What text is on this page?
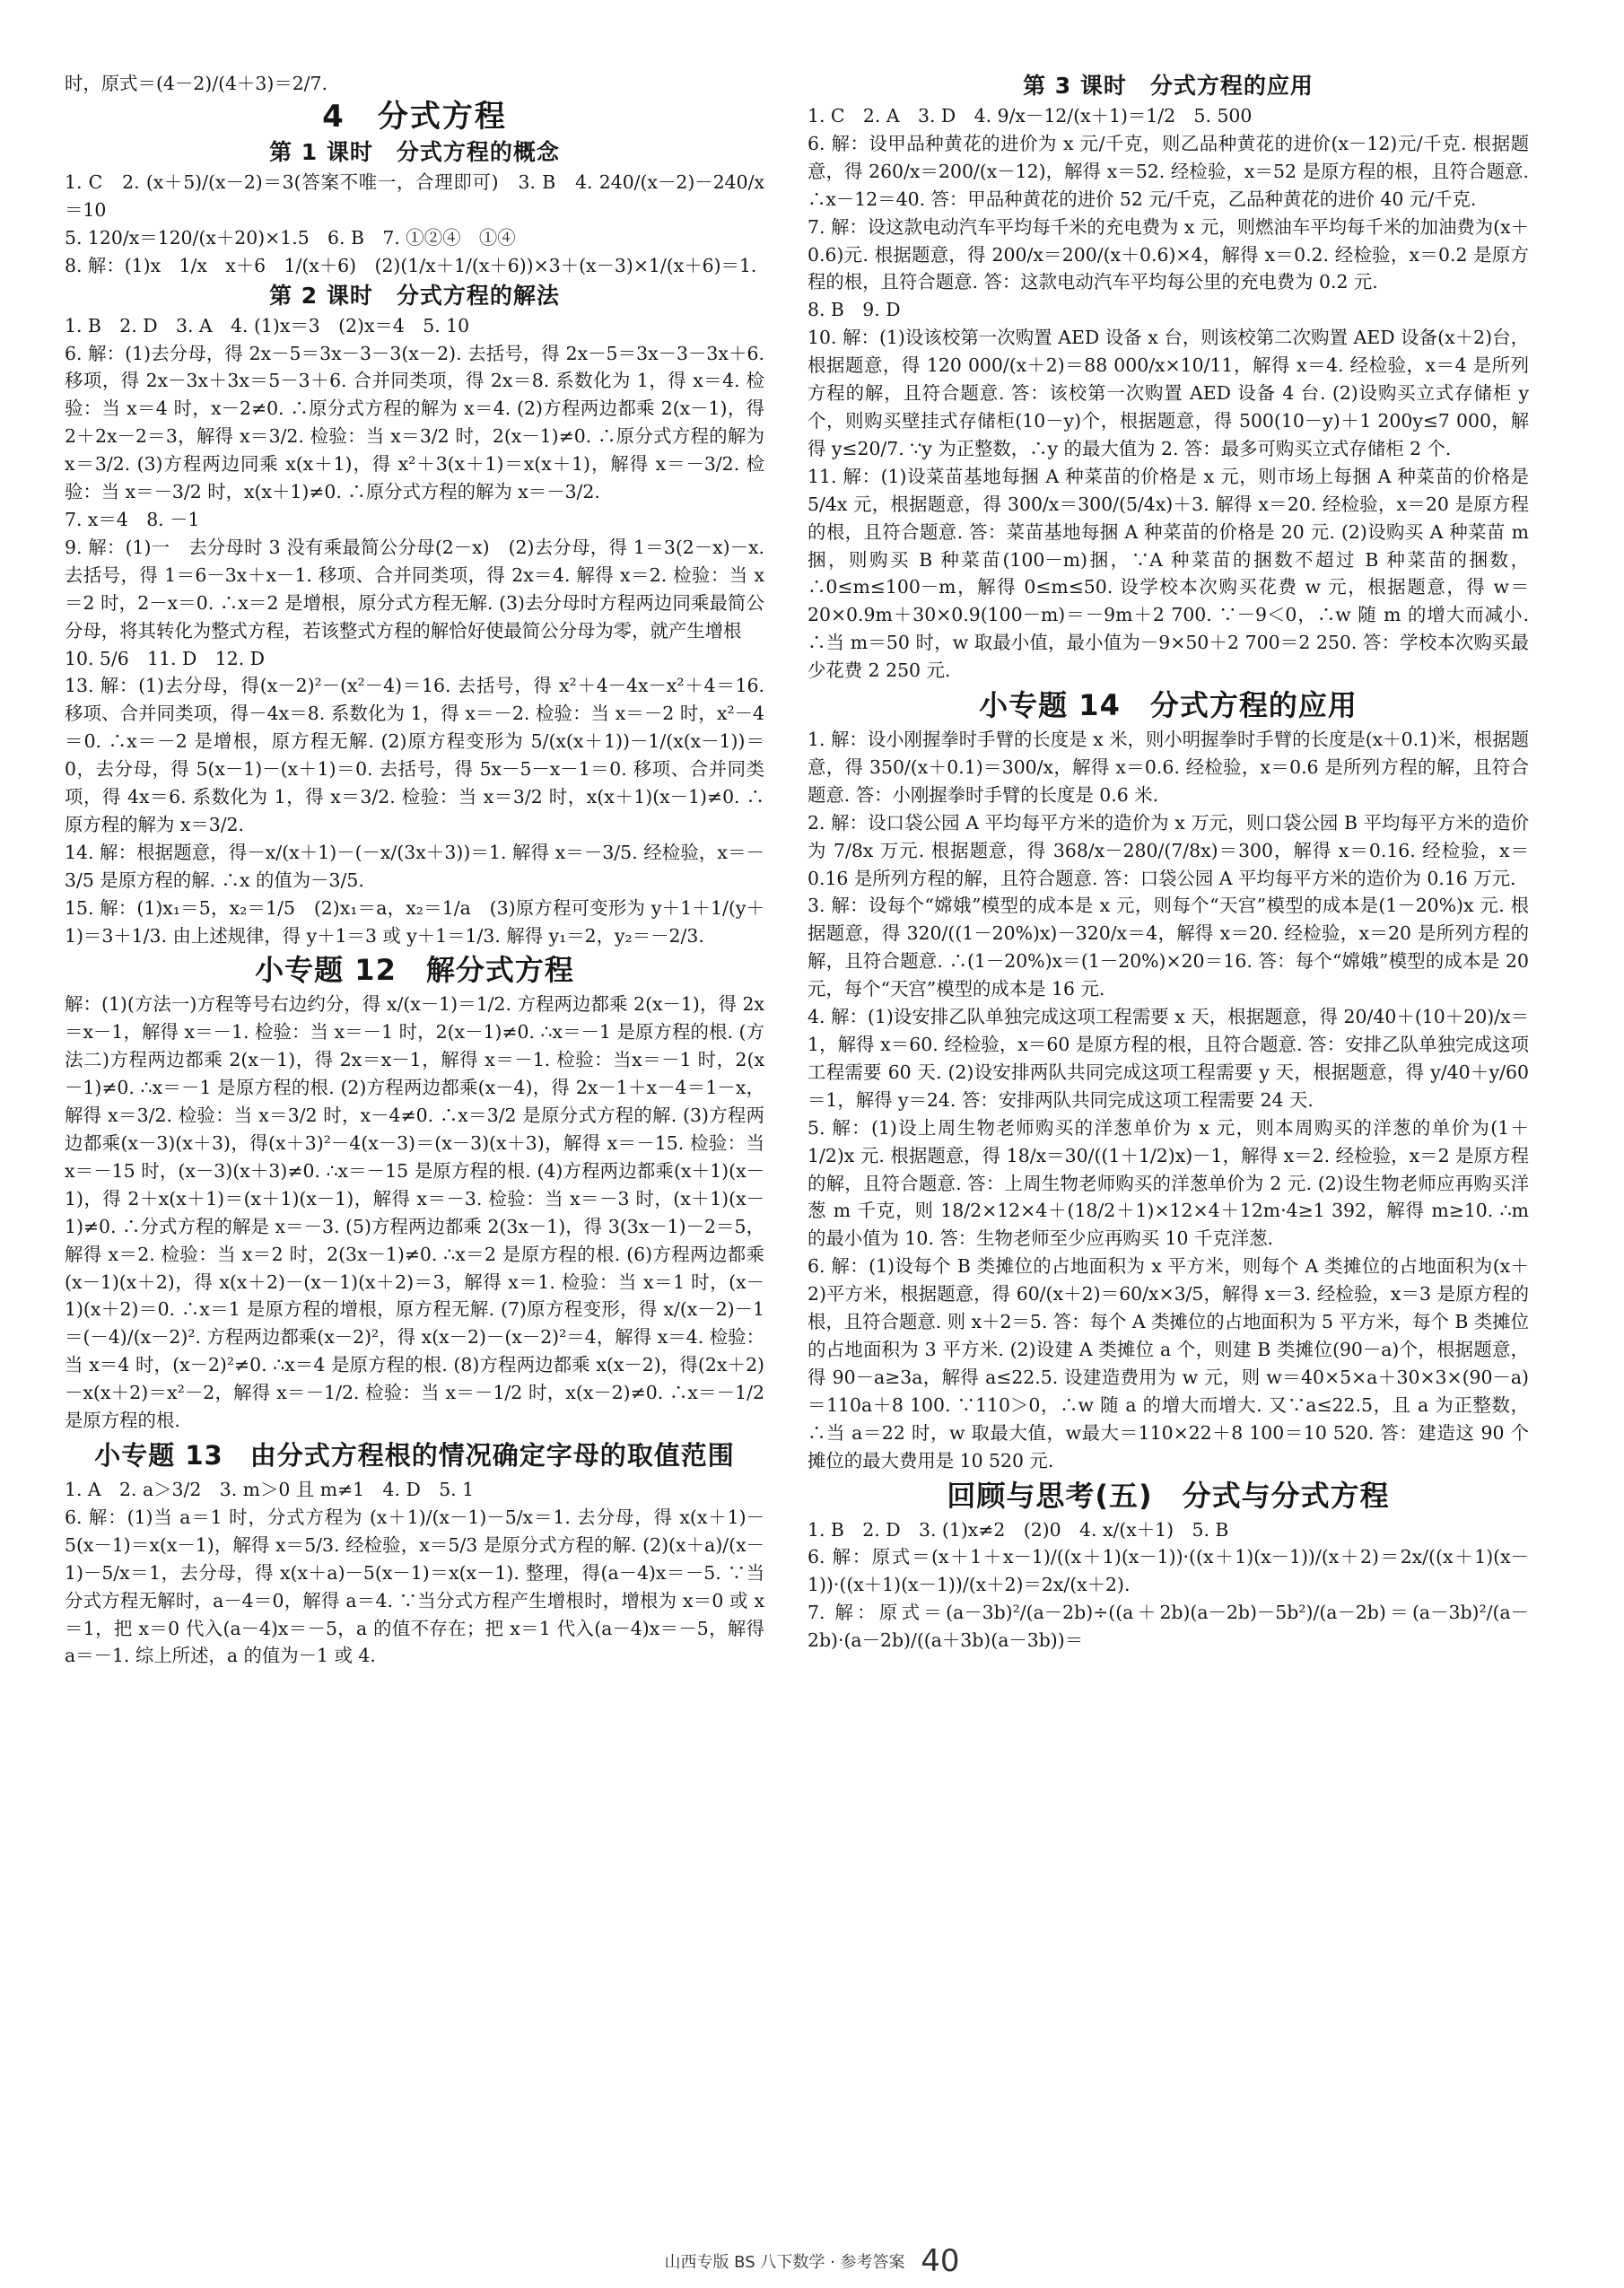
时，原式＝(4－2)/(4＋3)＝2/7.
4　分式方程
第 1 课时　分式方程的概念
1. C　2. (x＋5)/(x－2)＝3(答案不唯一，合理即可)　3. B　4. 240/(x－2)－240/x＝10
5. 120/x＝120/(x＋20)×1.5　6. B　7. ①②④　①④
8. 解：(1)x　1/x　x＋6　1/(x＋6)　(2)(1/x＋1/(x＋6))×3＋(x－3)×1/(x＋6)＝1.
第 2 课时　分式方程的解法
1. B　2. D　3. A　4. (1)x＝3　(2)x＝4　5. 10
6. 解：(1)去分母，得 2x－5＝3x－3－3(x－2). 去括号，得 2x－5＝3x－3－3x＋6. 移项，得 2x－3x＋3x＝5－3＋6. 合并同类项，得 2x＝8. 系数化为 1，得 x＝4. 检验：当 x＝4 时，x－2≠0. ∴原分式方程的解为 x＝4. (2)方程两边都乘 2(x－1)，得 2＋2x－2＝3，解得 x＝3/2. 检验：当 x＝3/2 时，2(x－1)≠0. ∴原分式方程的解为 x＝3/2. (3)方程两边同乘 x(x＋1)，得 x²＋3(x＋1)＝x(x＋1)，解得 x＝－3/2. 检验：当 x＝－3/2 时，x(x＋1)≠0. ∴原分式方程的解为 x＝－3/2.
7. x＝4　8. －1
9. 解：(1)一　去分母时 3 没有乘最简公分母(2－x)　(2)去分母，得 1＝3(2－x)－x. 去括号，得 1＝6－3x＋x－1. 移项、合并同类项，得 2x＝4. 解得 x＝2. 检验：当 x＝2 时，2－x＝0. ∴x＝2 是增根，原分式方程无解. (3)去分母时方程两边同乘最简公分母，将其转化为整式方程，若该整式方程的解恰好使最简公分母为零，就产生增根
10. 5/6　11. D　12. D
13. 解：(1)去分母，得(x－2)²－(x²－4)＝16. 去括号，得 x²＋4－4x－x²＋4＝16. 移项、合并同类项，得－4x＝8. 系数化为 1，得 x＝－2. 检验：当 x＝－2 时，x²－4＝0. ∴x＝－2 是增根，原方程无解. (2)原方程变形为 5/(x(x＋1))－1/(x(x－1))＝0，去分母，得 5(x－1)－(x＋1)＝0. 去括号，得 5x－5－x－1＝0. 移项、合并同类项，得 4x＝6. 系数化为 1，得 x＝3/2. 检验：当 x＝3/2 时，x(x＋1)(x－1)≠0. ∴原方程的解为 x＝3/2.
14. 解：根据题意，得－x/(x＋1)－(－x/(3x＋3))＝1. 解得 x＝－3/5. 经检验，x＝－3/5 是原方程的解. ∴x 的值为－3/5.
15. 解：(1)x₁＝5，x₂＝1/5　(2)x₁＝a，x₂＝1/a　(3)原方程可变形为 y＋1＋1/(y＋1)＝3＋1/3. 由上述规律，得 y＋1＝3 或 y＋1＝1/3. 解得 y₁＝2，y₂＝－2/3.
小专题 12　解分式方程
解：(1)(方法一)方程等号右边约分，得 x/(x－1)＝1/2. 方程两边都乘 2(x－1)，得 2x＝x－1，解得 x＝－1. 检验：当 x＝－1 时，2(x－1)≠0. ∴x＝－1 是原方程的根. (方法二)方程两边都乘 2(x－1)，得 2x＝x－1，解得 x＝－1. 检验：当x＝－1 时，2(x－1)≠0. ∴x＝－1 是原方程的根. (2)方程两边都乘(x－4)，得 2x－1＋x－4＝1－x，解得 x＝3/2. 检验：当 x＝3/2 时，x－4≠0. ∴x＝3/2 是原分式方程的解. (3)方程两边都乘(x－3)(x＋3)，得(x＋3)²－4(x－3)＝(x－3)(x＋3)，解得 x＝－15. 检验：当 x＝－15 时，(x－3)(x＋3)≠0. ∴x＝－15 是原方程的根. (4)方程两边都乘(x＋1)(x－1)，得 2＋x(x＋1)＝(x＋1)(x－1)，解得 x＝－3. 检验：当 x＝－3 时，(x＋1)(x－1)≠0. ∴分式方程的解是 x＝－3. (5)方程两边都乘 2(3x－1)，得 3(3x－1)－2＝5，解得 x＝2. 检验：当 x＝2 时，2(3x－1)≠0. ∴x＝2 是原方程的根. (6)方程两边都乘(x－1)(x＋2)，得 x(x＋2)－(x－1)(x＋2)＝3，解得 x＝1. 检验：当 x＝1 时，(x－1)(x＋2)＝0. ∴x＝1 是原方程的增根，原方程无解. (7)原方程变形，得 x/(x－2)－1＝(－4)/(x－2)². 方程两边都乘(x－2)²，得 x(x－2)－(x－2)²＝4，解得 x＝4. 检验：当 x＝4 时，(x－2)²≠0. ∴x＝4 是原方程的根. (8)方程两边都乘 x(x－2)，得(2x＋2)－x(x＋2)＝x²－2，解得 x＝－1/2. 检验：当 x＝－1/2 时，x(x－2)≠0. ∴x＝－1/2 是原方程的根.
小专题 13　由分式方程根的情况确定字母的取值范围
1. A　2. a＞3/2　3. m＞0 且 m≠1　4. D　5. 1
6. 解：(1)当 a＝1 时，分式方程为 (x＋1)/(x－1)－5/x＝1. 去分母，得 x(x＋1)－5(x－1)＝x(x－1)，解得 x＝5/3. 经检验，x＝5/3 是原分式方程的解. (2)(x＋a)/(x－1)－5/x＝1，去分母，得 x(x＋a)－5(x－1)＝x(x－1). 整理，得(a－4)x＝－5. ∵当分式方程无解时，a－4＝0，解得 a＝4. ∵当分式方程产生增根时，增根为 x＝0 或 x＝1，把 x＝0 代入(a－4)x＝－5，a 的值不存在；把 x＝1 代入(a－4)x＝－5，解得 a＝－1. 综上所述，a 的值为－1 或 4.
第 3 课时　分式方程的应用
1. C　2. A　3. D　4. 9/x－12/(x＋1)＝1/2　5. 500
6. 解：设甲品种黄花的进价为 x 元/千克，则乙品种黄花的进价(x－12)元/千克. 根据题意，得 260/x＝200/(x－12)，解得 x＝52. 经检验，x＝52 是原方程的根，且符合题意. ∴x－12＝40. 答：甲品种黄花的进价 52 元/千克，乙品种黄花的进价 40 元/千克.
7. 解：设这款电动汽车平均每千米的充电费为 x 元，则燃油车平均每千米的加油费为(x＋0.6)元. 根据题意，得 200/x＝200/(x＋0.6)×4，解得 x＝0.2. 经检验，x＝0.2 是原方程的根，且符合题意. 答：这款电动汽车平均每公里的充电费为 0.2 元.
8. B　9. D
10. 解：(1)设该校第一次购置 AED 设备 x 台，则该校第二次购置 AED 设备(x＋2)台，根据题意，得 120 000/(x＋2)＝88 000/x×10/11，解得 x＝4. 经检验，x＝4 是所列方程的解，且符合题意. 答：该校第一次购置 AED 设备 4 台. (2)设购买立式存储柜 y 个，则购买壁挂式存储柜(10－y)个，根据题意，得 500(10－y)＋1 200y≤7 000，解得 y≤20/7. ∵y 为正整数，∴y 的最大值为 2. 答：最多可购买立式存储柜 2 个.
11. 解：(1)设菜苗基地每捆 A 种菜苗的价格是 x 元，则市场上每捆 A 种菜苗的价格是 5/4x 元，根据题意，得 300/x＝300/(5/4x)＋3. 解得 x＝20. 经检验，x＝20 是原方程的根，且符合题意. 答：菜苗基地每捆 A 种菜苗的价格是 20 元. (2)设购买 A 种菜苗 m 捆，则购买 B 种菜苗(100－m)捆，∵A 种菜苗的捆数不超过 B 种菜苗的捆数，∴0≤m≤100－m，解得 0≤m≤50. 设学校本次购买花费 w 元，根据题意，得 w＝20×0.9m＋30×0.9(100－m)＝－9m＋2 700. ∵－9＜0，∴w 随 m 的增大而减小. ∴当 m＝50 时，w 取最小值，最小值为－9×50＋2 700＝2 250. 答：学校本次购买最少花费 2 250 元.
小专题 14　分式方程的应用
1. 解：设小刚握拳时手臂的长度是 x 米，则小明握拳时手臂的长度是(x＋0.1)米，根据题意，得 350/(x＋0.1)＝300/x，解得 x＝0.6. 经检验，x＝0.6 是所列方程的解，且符合题意. 答：小刚握拳时手臂的长度是 0.6 米.
2. 解：设口袋公园 A 平均每平方米的造价为 x 万元，则口袋公园 B 平均每平方米的造价为 7/8x 万元. 根据题意，得 368/x－280/(7/8x)＝300，解得 x＝0.16. 经检验，x＝0.16 是所列方程的解，且符合题意. 答：口袋公园 A 平均每平方米的造价为 0.16 万元.
3. 解：设每个“嫦娥”模型的成本是 x 元，则每个“天宫”模型的成本是(1－20%)x 元. 根据题意，得 320/((1－20%)x)－320/x＝4，解得 x＝20. 经检验，x＝20 是所列方程的解，且符合题意. ∴(1－20%)x＝(1－20%)×20＝16. 答：每个“嫦娥”模型的成本是 20 元，每个“天宫”模型的成本是 16 元.
4. 解：(1)设安排乙队单独完成这项工程需要 x 天，根据题意，得 20/40＋(10＋20)/x＝1，解得 x＝60. 经检验，x＝60 是原方程的根，且符合题意. 答：安排乙队单独完成这项工程需要 60 天. (2)设安排两队共同完成这项工程需要 y 天，根据题意，得 y/40＋y/60＝1，解得 y＝24. 答：安排两队共同完成这项工程需要 24 天.
5. 解：(1)设上周生物老师购买的洋葱单价为 x 元，则本周购买的洋葱的单价为(1＋1/2)x 元. 根据题意，得 18/x＝30/((1＋1/2)x)－1，解得 x＝2. 经检验，x＝2 是原方程的解，且符合题意. 答：上周生物老师购买的洋葱单价为 2 元. (2)设生物老师应再购买洋葱 m 千克，则 18/2×12×4＋(18/2＋1)×12×4＋12m·4≥1 392，解得 m≥10. ∴m 的最小值为 10. 答：生物老师至少应再购买 10 千克洋葱.
6. 解：(1)设每个 B 类摊位的占地面积为 x 平方米，则每个 A 类摊位的占地面积为(x＋2)平方米，根据题意，得 60/(x＋2)＝60/x×3/5，解得 x＝3. 经检验，x＝3 是原方程的根，且符合题意. 则 x＋2＝5. 答：每个 A 类摊位的占地面积为 5 平方米，每个 B 类摊位的占地面积为 3 平方米. (2)设建 A 类摊位 a 个，则建 B 类摊位(90－a)个，根据题意，得 90－a≥3a，解得 a≤22.5. 设建造费用为 w 元，则 w＝40×5×a＋30×3×(90－a)＝110a＋8 100. ∵110＞0，∴w 随 a 的增大而增大. 又∵a≤22.5，且 a 为正整数，∴当 a＝22 时，w 取最大值，w最大＝110×22＋8 100＝10 520. 答：建造这 90 个摊位的最大费用是 10 520 元.
回顾与思考(五)　分式与分式方程
1. B　2. D　3. (1)x≠2　(2)0　4. x/(x＋1)　5. B
6. 解：原式＝(x＋1＋x－1)/((x＋1)(x－1))·((x＋1)(x－1))/(x＋2)＝2x/((x＋1)(x－1))·((x＋1)(x－1))/(x＋2)＝2x/(x＋2).
7. 解：原式＝(a－3b)²/(a－2b)÷((a＋2b)(a－2b)－5b²)/(a－2b)＝(a－3b)²/(a－2b)·(a－2b)/((a＋3b)(a－3b))＝
山西专版 BS 八下数学 · 参考答案 40
